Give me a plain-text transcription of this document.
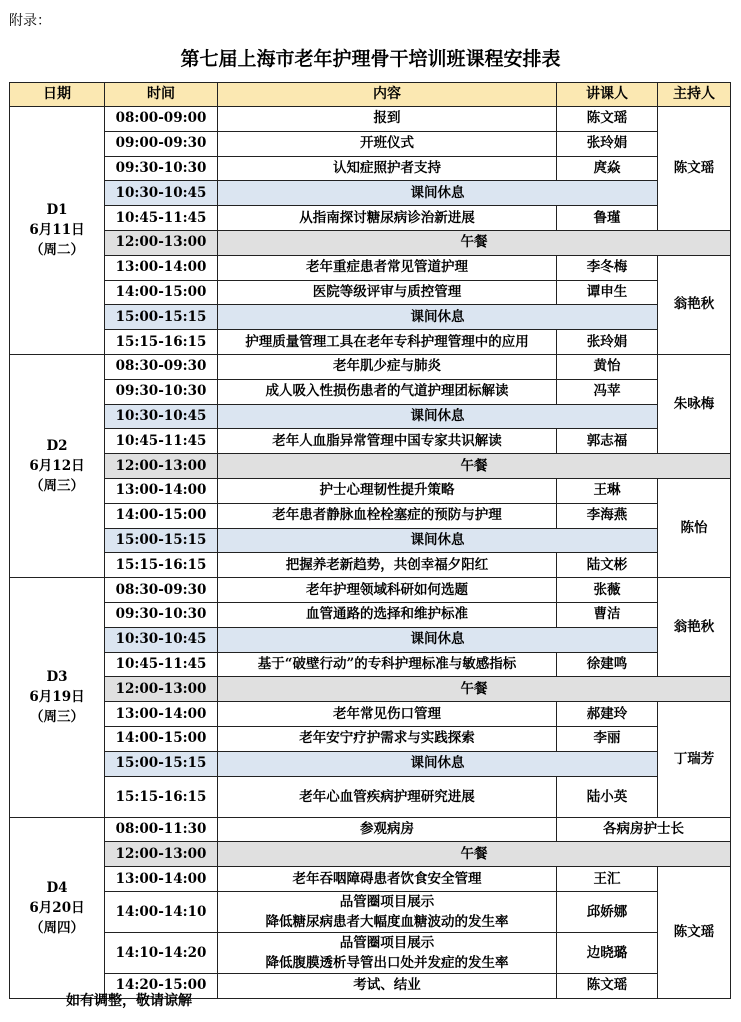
附录：
第七届上海市老年护理骨干培训班课程安排表
日期	时间	内容	讲课人	主持人

D1
6月11日
（周二）	08:00-09:00	报到	陈文瑶	陈文瑶
	09:00-09:30	开班仪式	张玲娟	
	09:30-10:30	认知症照护者支持	庹焱	
	10:30-10:45	课间休息		
	10:45-11:45	从指南探讨糖尿病诊治新进展	鲁瑾	
	12:00-13:00	午餐		
	13:00-14:00	老年重症患者常见管道护理	李冬梅	翁艳秋
	14:00-15:00	医院等级评审与质控管理	谭申生	
	15:00-15:15	课间休息		
	15:15-16:15	护理质量管理工具在老年专科护理管理中的应用	张玲娟	

D2
6月12日
（周三）	08:30-09:30	老年肌少症与肺炎	黄怡	朱咏梅
	09:30-10:30	成人吸入性损伤患者的气道护理团标解读	冯苹	
	10:30-10:45	课间休息		
	10:45-11:45	老年人血脂异常管理中国专家共识解读	郭志福	
	12:00-13:00	午餐		
	13:00-14:00	护士心理韧性提升策略	王琳	陈怡
	14:00-15:00	老年患者静脉血栓栓塞症的预防与护理	李海燕	
	15:00-15:15	课间休息		
	15:15-16:15	把握养老新趋势，共创幸福夕阳红	陆文彬	

D3
6月19日
（周三）	08:30-09:30	老年护理领域科研如何选题	张薇	翁艳秋
	09:30-10:30	血管通路的选择和维护标准	曹洁	
	10:30-10:45	课间休息		
	10:45-11:45	基于“破壁行动”的专科护理标准与敏感指标	徐建鸣	
	12:00-13:00	午餐		
	13:00-14:00	老年常见伤口管理	郝建玲	丁瑞芳
	14:00-15:00	老年安宁疗护需求与实践探索	李丽	
	15:00-15:15	课间休息		
	15:15-16:15	老年心血管疾病护理研究进展	陆小英	

D4
6月20日
（周四）	08:00-11:30	参观病房	各病房护士长	
	12:00-13:00	午餐		
	13:00-14:00	老年吞咽障碍患者饮食安全管理	王汇	陈文瑶
	14:00-14:10	品管圈项目展示
降低糖尿病患者大幅度血糖波动的发生率	邱娇娜	
	14:10-14:20	品管圈项目展示
降低腹膜透析导管出口处并发症的发生率	边晓璐	
	14:20-15:00	考试、结业	陈文瑶	
如有调整，敬请谅解
